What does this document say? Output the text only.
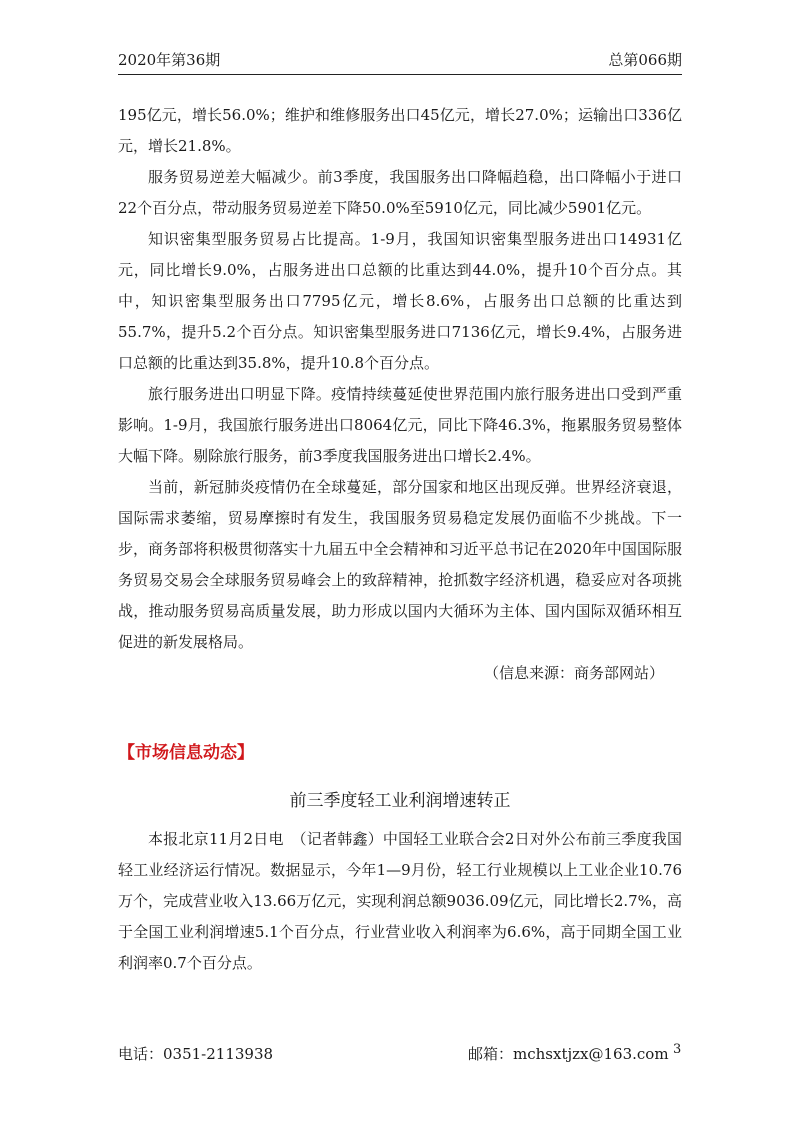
2020年第36期	总第066期

195亿元，增长56.0%；维护和维修服务出口45亿元，增长27.0%；运输出口336亿元，增长21.8%。

服务贸易逆差大幅减少。前3季度，我国服务出口降幅趋稳，出口降幅小于进口22个百分点，带动服务贸易逆差下降50.0%至5910亿元，同比减少5901亿元。

知识密集型服务贸易占比提高。1-9月，我国知识密集型服务进出口14931亿元，同比增长9.0%，占服务进出口总额的比重达到44.0%，提升10个百分点。其中，知识密集型服务出口7795亿元，增长8.6%，占服务出口总额的比重达到55.7%，提升5.2个百分点。知识密集型服务进口7136亿元，增长9.4%，占服务进口总额的比重达到35.8%，提升10.8个百分点。

旅行服务进出口明显下降。疫情持续蔓延使世界范围内旅行服务进出口受到严重影响。1-9月，我国旅行服务进出口8064亿元，同比下降46.3%，拖累服务贸易整体大幅下降。剔除旅行服务，前3季度我国服务进出口增长2.4%。

当前，新冠肺炎疫情仍在全球蔓延，部分国家和地区出现反弹。世界经济衰退，国际需求萎缩，贸易摩擦时有发生，我国服务贸易稳定发展仍面临不少挑战。下一步，商务部将积极贯彻落实十九届五中全会精神和习近平总书记在2020年中国国际服务贸易交易会全球服务贸易峰会上的致辞精神，抢抓数字经济机遇，稳妥应对各项挑战，推动服务贸易高质量发展，助力形成以国内大循环为主体、国内国际双循环相互促进的新发展格局。

（信息来源：商务部网站）

【市场信息动态】
前三季度轻工业利润增速转正

本报北京11月2日电　（记者韩鑫）中国轻工业联合会2日对外公布前三季度我国轻工业经济运行情况。数据显示，今年1—9月份，轻工行业规模以上工业企业10.76万个，完成营业收入13.66万亿元，实现利润总额9036.09亿元，同比增长2.7%，高于全国工业利润增速5.1个百分点，行业营业收入利润率为6.6%，高于同期全国工业利润率0.7个百分点。

电话：0351-2113938	邮箱：mchsxtjzx@163.com 3
